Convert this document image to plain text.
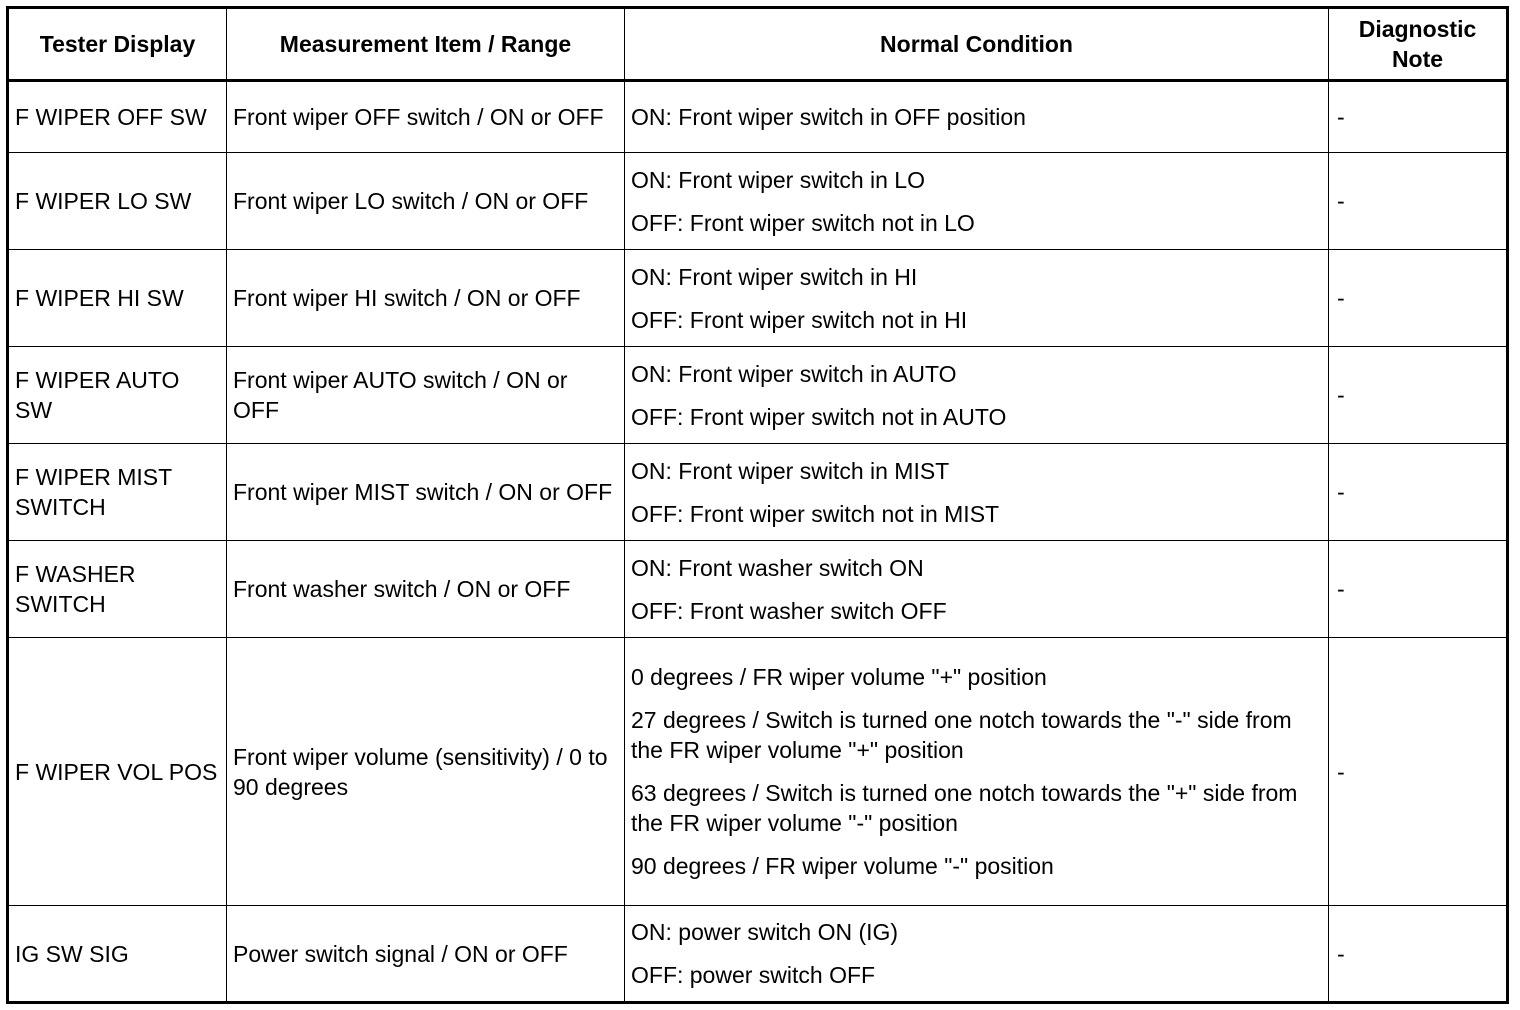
Tester Display	Measurement Item / Range	Normal Condition	Diagnostic
Note
F WIPER OFF SW	Front wiper OFF switch / ON or OFF	ON: Front wiper switch in OFF position	-
F WIPER LO SW	Front wiper LO switch / ON or OFF	ON: Front wiper switch in LO
OFF: Front wiper switch not in LO	-
F WIPER HI SW	Front wiper HI switch / ON or OFF	ON: Front wiper switch in HI
OFF: Front wiper switch not in HI	-
F WIPER AUTO SW	Front wiper AUTO switch / ON or OFF	ON: Front wiper switch in AUTO
OFF: Front wiper switch not in AUTO	-
F WIPER MIST SWITCH	Front wiper MIST switch / ON or OFF	ON: Front wiper switch in MIST
OFF: Front wiper switch not in MIST	-
F WASHER SWITCH	Front washer switch / ON or OFF	ON: Front washer switch ON
OFF: Front washer switch OFF	-
F WIPER VOL POS	Front wiper volume (sensitivity) / 0 to 90 degrees	0 degrees / FR wiper volume "+" position
27 degrees / Switch is turned one notch towards the "-" side from the FR wiper volume "+" position
63 degrees / Switch is turned one notch towards the "+" side from the FR wiper volume "-" position
90 degrees / FR wiper volume "-" position	-
IG SW SIG	Power switch signal / ON or OFF	ON: power switch ON (IG)
OFF: power switch OFF	-
